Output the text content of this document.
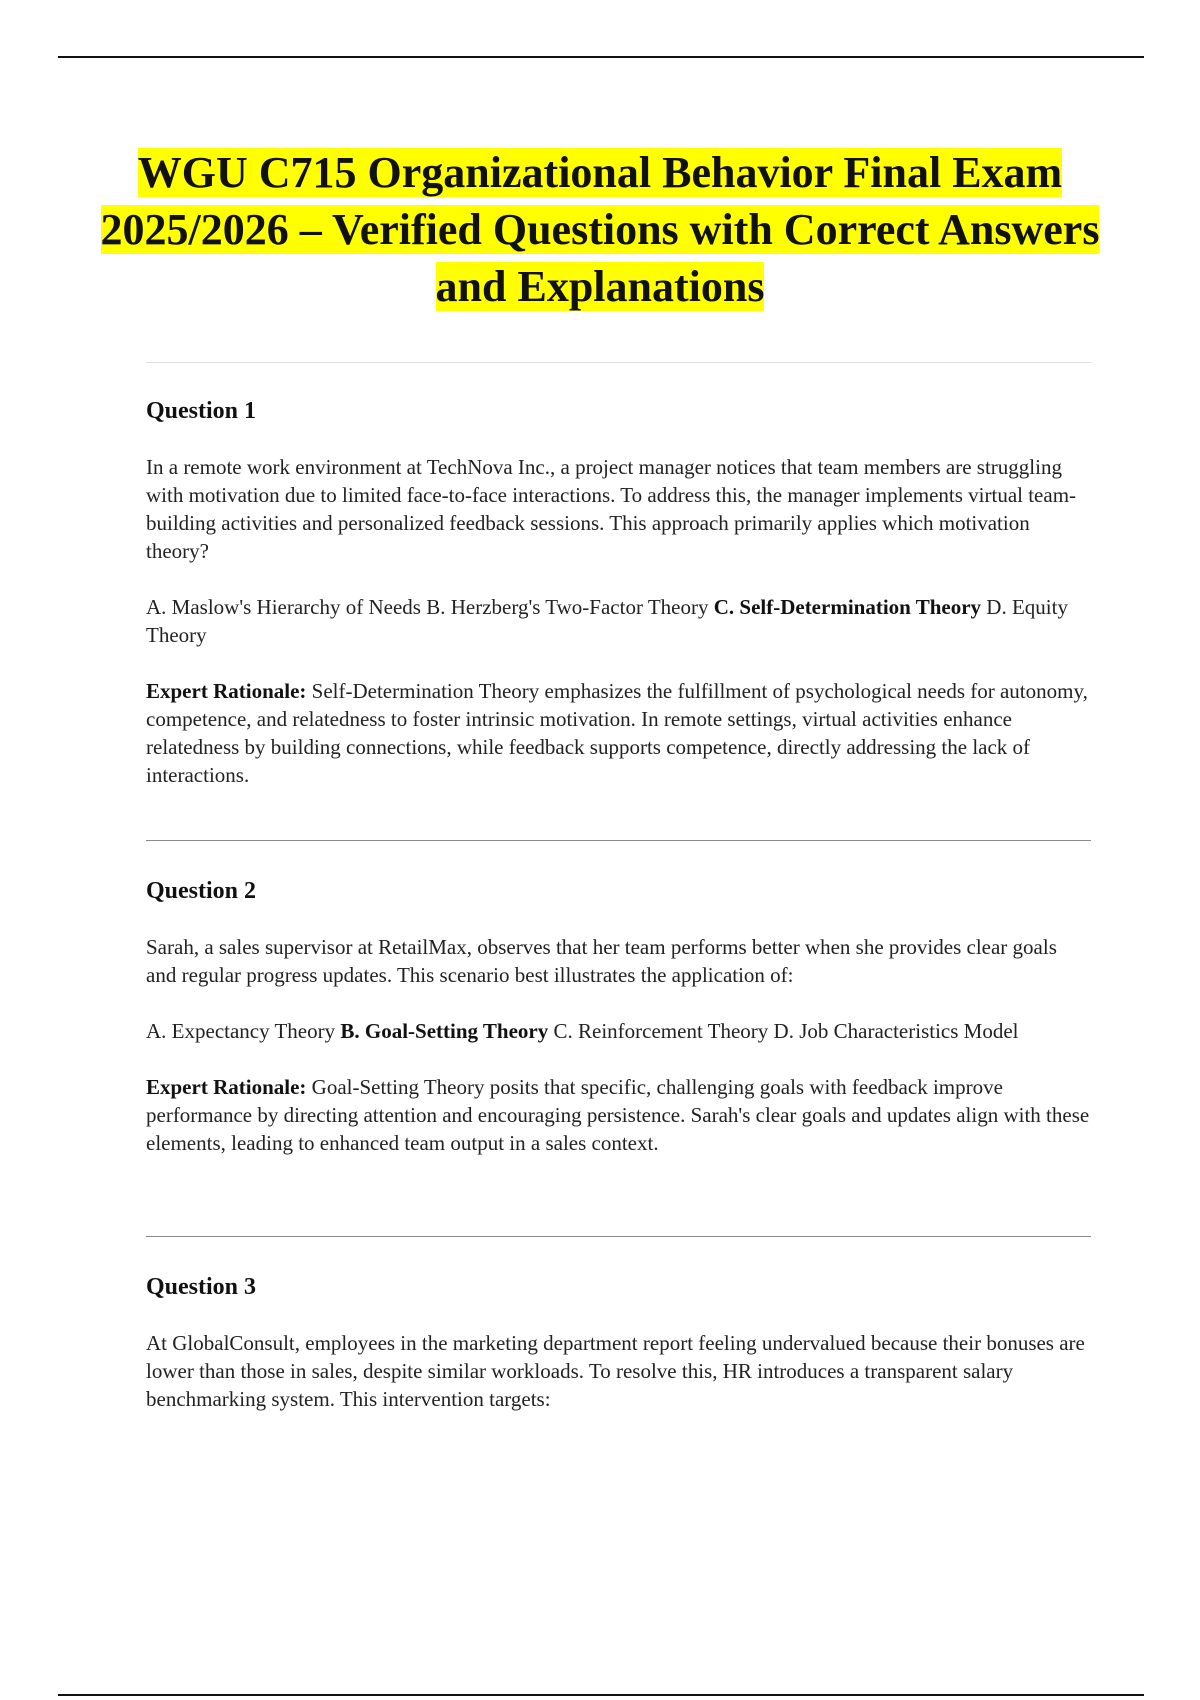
WGU C715 Organizational Behavior Final Exam 2025/2026 – Verified Questions with Correct Answers and Explanations

Question 1

In a remote work environment at TechNova Inc., a project manager notices that team members are struggling with motivation due to limited face-to-face interactions. To address this, the manager implements virtual team-building activities and personalized feedback sessions. This approach primarily applies which motivation theory?

A. Maslow's Hierarchy of Needs B. Herzberg's Two-Factor Theory C. Self-Determination Theory D. Equity Theory

Expert Rationale: Self-Determination Theory emphasizes the fulfillment of psychological needs for autonomy, competence, and relatedness to foster intrinsic motivation. In remote settings, virtual activities enhance relatedness by building connections, while feedback supports competence, directly addressing the lack of interactions.

Question 2

Sarah, a sales supervisor at RetailMax, observes that her team performs better when she provides clear goals and regular progress updates. This scenario best illustrates the application of:

A. Expectancy Theory B. Goal-Setting Theory C. Reinforcement Theory D. Job Characteristics Model

Expert Rationale: Goal-Setting Theory posits that specific, challenging goals with feedback improve performance by directing attention and encouraging persistence. Sarah's clear goals and updates align with these elements, leading to enhanced team output in a sales context.

Question 3

At GlobalConsult, employees in the marketing department report feeling undervalued because their bonuses are lower than those in sales, despite similar workloads. To resolve this, HR introduces a transparent salary benchmarking system. This intervention targets:
